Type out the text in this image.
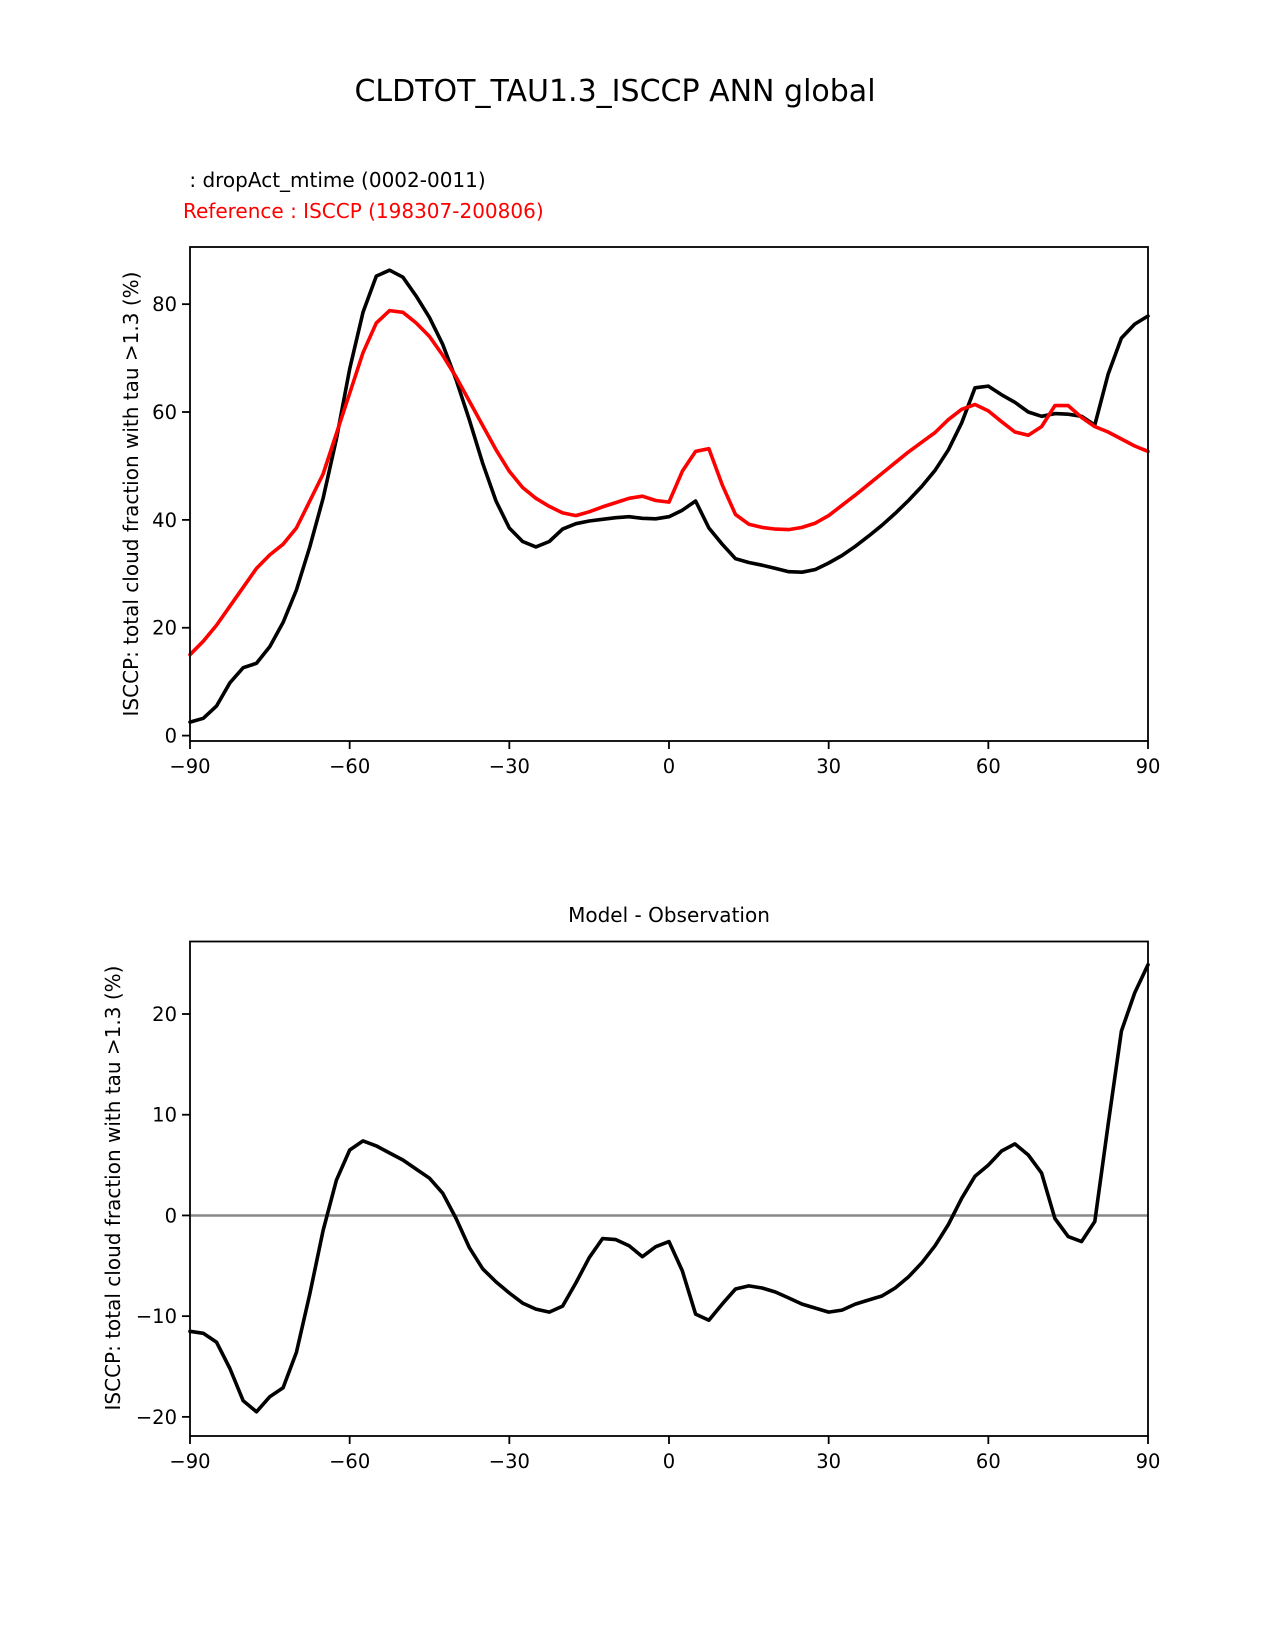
CLDTOT_TAU1.3_ISCCP ANN global
: dropAct_mtime (0002-0011)
Reference : ISCCP (198307-200806)
ISCCP: total cloud fraction with tau >1.3 (%)
ISCCP: total cloud fraction with tau >1.3 (%)
Model - Observation
−90	−60	−30	0	30	60	90
0
20
40
60
80
−90	−60	−30	0	30	60	90
−20
−10
0
10
20
